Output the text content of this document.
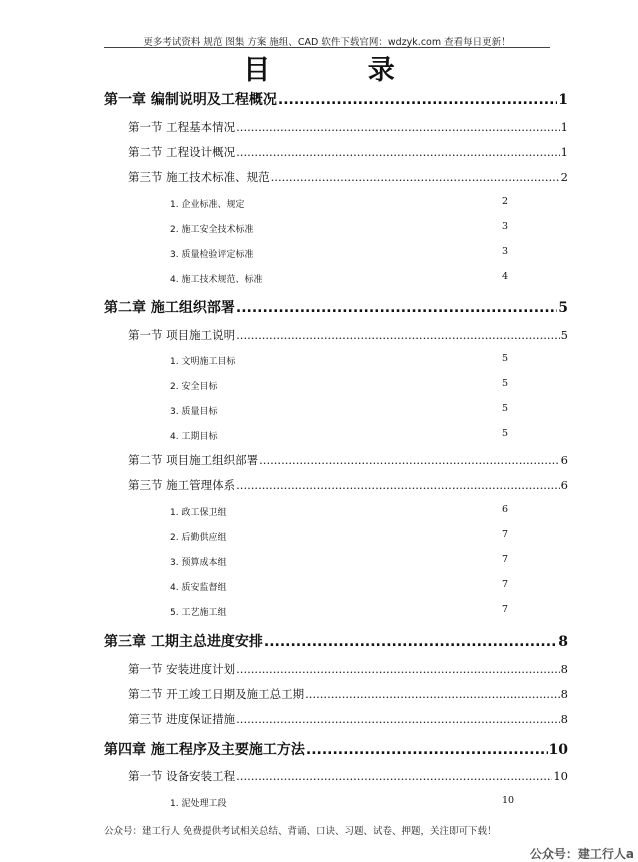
更多考试资料 规范 图集 方案 施组、CAD 软件下载官网：wdzyk.com 查看每日更新！
目 录
第一章 编制说明及工程概况 .....	1
第一节 工程基本情况 .....	1
第二节 工程设计概况 .....	1
第三节 施工技术标准、规范 .....	2
1. 企业标准、规定	2
2. 施工安全技术标准	3
3. 质量检验评定标准	3
4. 施工技术规范、标准	4
第二章 施工组织部署 .....	5
第一节 项目施工说明 .....	5
1. 文明施工目标	5
2. 安全目标	5
3. 质量目标	5
4. 工期目标	5
第二节 项目施工组织部署 .....	6
第三节 施工管理体系 .....	6
1. 政工保卫组	6
2. 后勤供应组	7
3. 预算成本组	7
4. 质安监督组	7
5. 工艺施工组	7
第三章 工期主总进度安排 .....	8
第一节 安装进度计划 .....	8
第二节 开工竣工日期及施工总工期 .....	8
第三节 进度保证措施 .....	8
第四章 施工程序及主要施工方法 .....	10
第一节 设备安装工程 .....	10
1. 泥处理工段	10
公众号：建工行人 免费提供考试相关总结、背诵、口诀、习题、试卷、押题，关注即可下载！
公众号：建工行人a
